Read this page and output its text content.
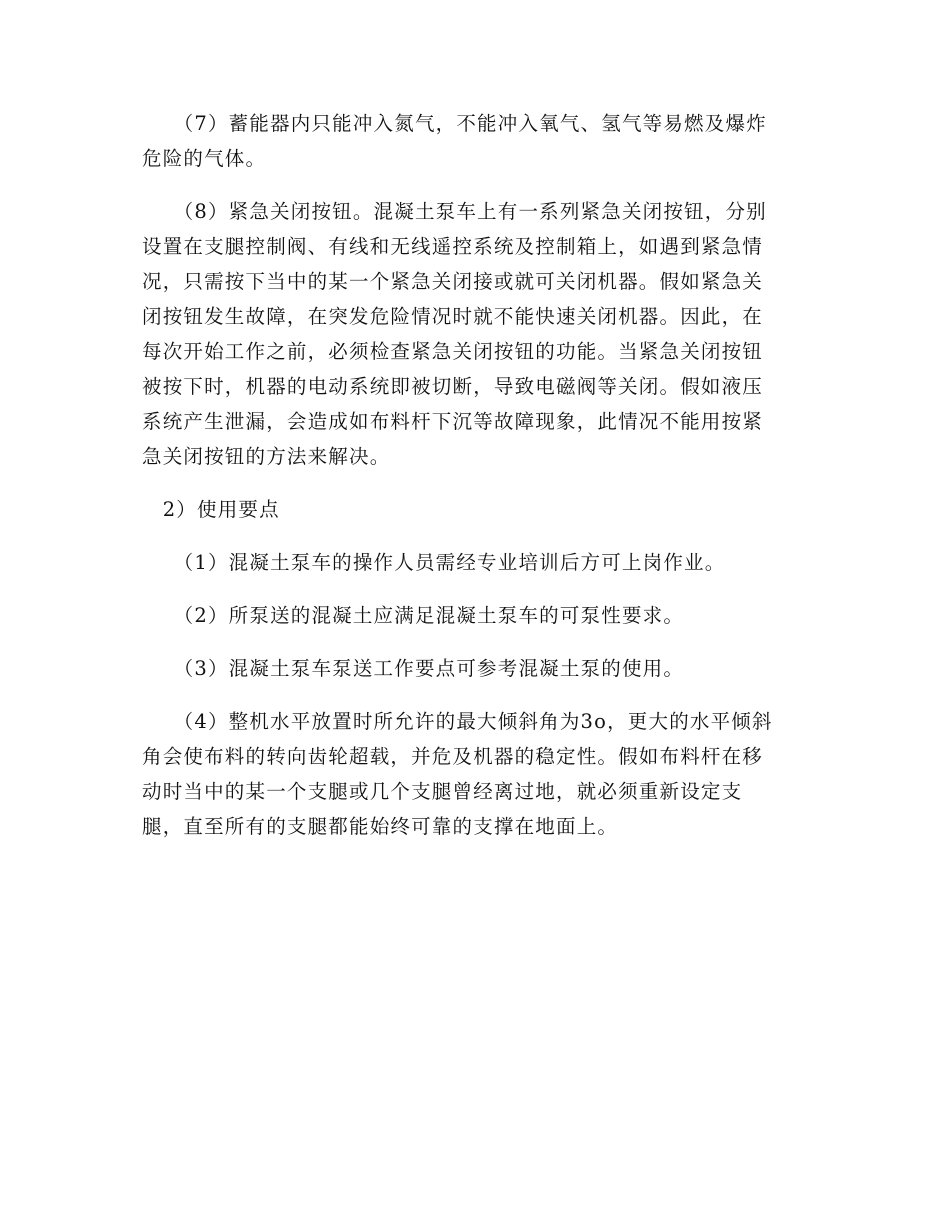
　　（7）蓄能器内只能冲入氮气，不能冲入氧气、氢气等易燃及爆炸
危险的气体。

　　（8）紧急关闭按钮。混凝土泵车上有一系列紧急关闭按钮，分别
设置在支腿控制阀、有线和无线遥控系统及控制箱上，如遇到紧急情
况，只需按下当中的某一个紧急关闭接或就可关闭机器。假如紧急关
闭按钮发生故障，在突发危险情况时就不能快速关闭机器。因此，在
每次开始工作之前，必须检查紧急关闭按钮的功能。当紧急关闭按钮
被按下时，机器的电动系统即被切断，导致电磁阀等关闭。假如液压
系统产生泄漏，会造成如布料杆下沉等故障现象，此情况不能用按紧
急关闭按钮的方法来解决。

　2）使用要点

　　（1）混凝土泵车的操作人员需经专业培训后方可上岗作业。

　　（2）所泵送的混凝土应满足混凝土泵车的可泵性要求。

　　（3）混凝土泵车泵送工作要点可参考混凝土泵的使用。

　　（4）整机水平放置时所允许的最大倾斜角为3o，更大的水平倾斜
角会使布料的转向齿轮超载，并危及机器的稳定性。假如布料杆在移
动时当中的某一个支腿或几个支腿曾经离过地，就必须重新设定支
腿，直至所有的支腿都能始终可靠的支撑在地面上。
